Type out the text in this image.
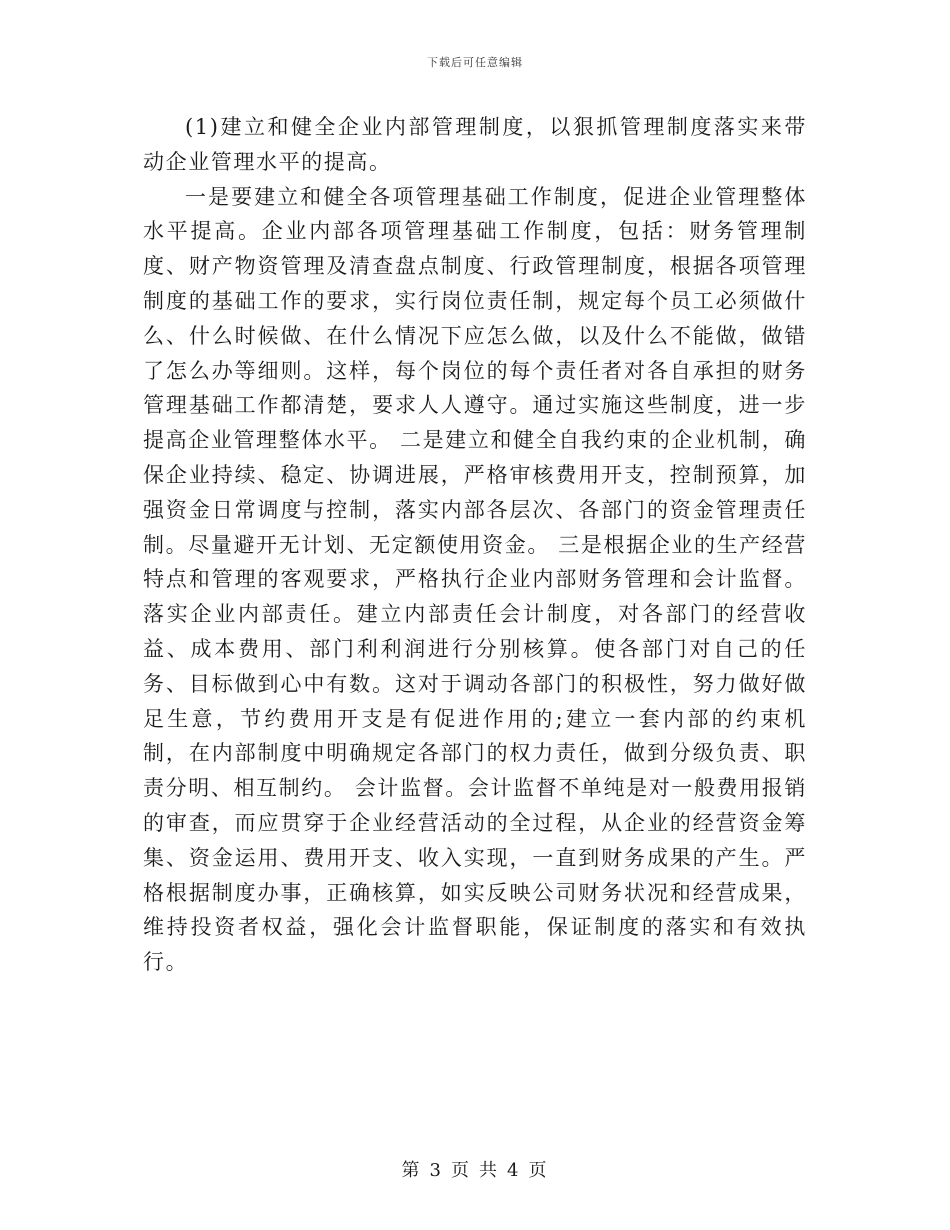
下载后可任意编辑

(1)建立和健全企业内部管理制度，以狠抓管理制度落实来带动企业管理水平的提高。

一是要建立和健全各项管理基础工作制度，促进企业管理整体水平提高。企业内部各项管理基础工作制度，包括：财务管理制度、财产物资管理及清查盘点制度、行政管理制度，根据各项管理制度的基础工作的要求，实行岗位责任制，规定每个员工必须做什么、什么时候做、在什么情况下应怎么做，以及什么不能做，做错了怎么办等细则。这样，每个岗位的每个责任者对各自承担的财务管理基础工作都清楚，要求人人遵守。通过实施这些制度，进一步提高企业管理整体水平。 二是建立和健全自我约束的企业机制，确保企业持续、稳定、协调进展，严格审核费用开支，控制预算，加强资金日常调度与控制，落实内部各层次、各部门的资金管理责任制。尽量避开无计划、无定额使用资金。 三是根据企业的生产经营特点和管理的客观要求，严格执行企业内部财务管理和会计监督。 落实企业内部责任。建立内部责任会计制度，对各部门的经营收益、成本费用、部门利利润进行分别核算。使各部门对自己的任务、目标做到心中有数。这对于调动各部门的积极性，努力做好做足生意，节约费用开支是有促进作用的;建立一套内部的约束机制，在内部制度中明确规定各部门的权力责任，做到分级负责、职责分明、相互制约。 会计监督。会计监督不单纯是对一般费用报销的审查，而应贯穿于企业经营活动的全过程，从企业的经营资金筹集、资金运用、费用开支、收入实现，一直到财务成果的产生。严格根据制度办事，正确核算，如实反映公司财务状况和经营成果，维持投资者权益，强化会计监督职能，保证制度的落实和有效执行。

第 3 页 共 4 页
